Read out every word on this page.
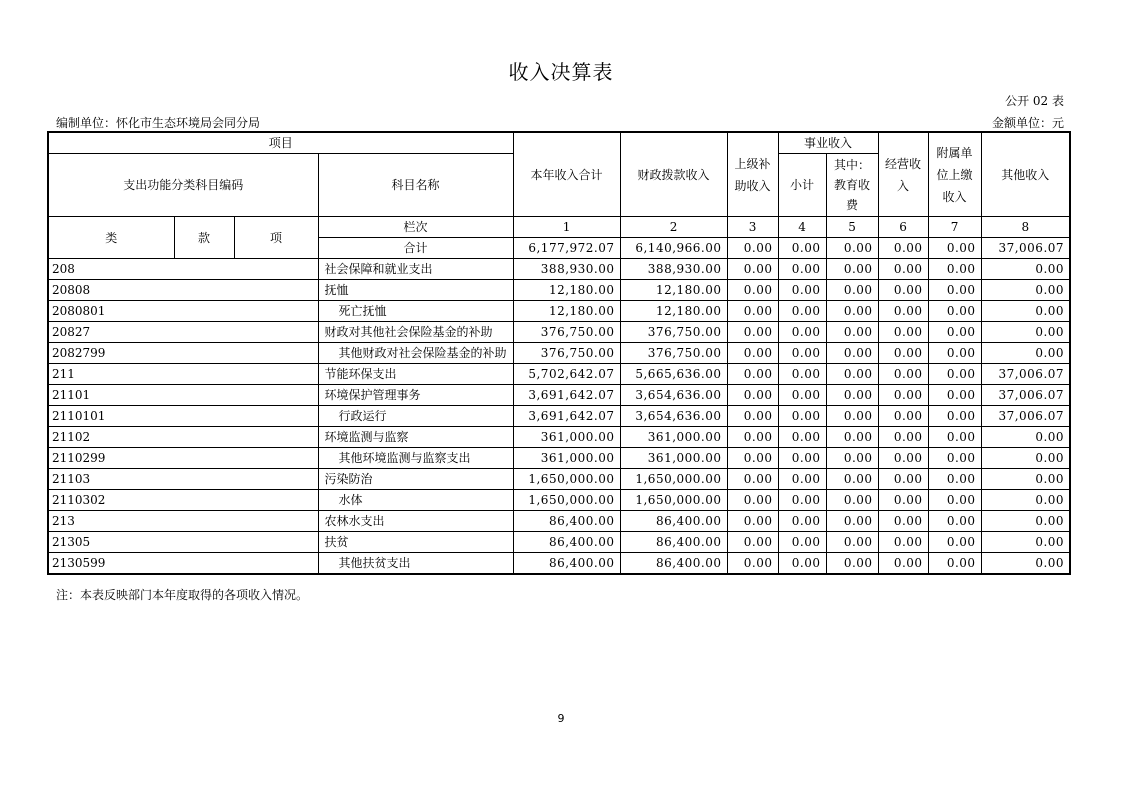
收入决算表
公开 02 表
编制单位：怀化市生态环境局会同分局	金额单位：元
项目				本年收入合计	财政拨款收入	上级补助收入	事业收入		经营收入	附属单位上缴收入	其他收入
支出功能分类科目编码			科目名称				小计	其中：教育收费			
类	款	项	栏次	1	2	3	4	5	6	7	8
			合计	6,177,972.07	6,140,966.00	0.00	0.00	0.00	0.00	0.00	37,006.07
208			社会保障和就业支出	388,930.00	388,930.00	0.00	0.00	0.00	0.00	0.00	0.00
20808			抚恤	12,180.00	12,180.00	0.00	0.00	0.00	0.00	0.00	0.00
2080801			死亡抚恤	12,180.00	12,180.00	0.00	0.00	0.00	0.00	0.00	0.00
20827			财政对其他社会保险基金的补助	376,750.00	376,750.00	0.00	0.00	0.00	0.00	0.00	0.00
2082799			其他财政对社会保险基金的补助	376,750.00	376,750.00	0.00	0.00	0.00	0.00	0.00	0.00
211			节能环保支出	5,702,642.07	5,665,636.00	0.00	0.00	0.00	0.00	0.00	37,006.07
21101			环境保护管理事务	3,691,642.07	3,654,636.00	0.00	0.00	0.00	0.00	0.00	37,006.07
2110101			行政运行	3,691,642.07	3,654,636.00	0.00	0.00	0.00	0.00	0.00	37,006.07
21102			环境监测与监察	361,000.00	361,000.00	0.00	0.00	0.00	0.00	0.00	0.00
2110299			其他环境监测与监察支出	361,000.00	361,000.00	0.00	0.00	0.00	0.00	0.00	0.00
21103			污染防治	1,650,000.00	1,650,000.00	0.00	0.00	0.00	0.00	0.00	0.00
2110302			水体	1,650,000.00	1,650,000.00	0.00	0.00	0.00	0.00	0.00	0.00
213			农林水支出	86,400.00	86,400.00	0.00	0.00	0.00	0.00	0.00	0.00
21305			扶贫	86,400.00	86,400.00	0.00	0.00	0.00	0.00	0.00	0.00
2130599			其他扶贫支出	86,400.00	86,400.00	0.00	0.00	0.00	0.00	0.00	0.00
注：本表反映部门本年度取得的各项收入情况。
9
